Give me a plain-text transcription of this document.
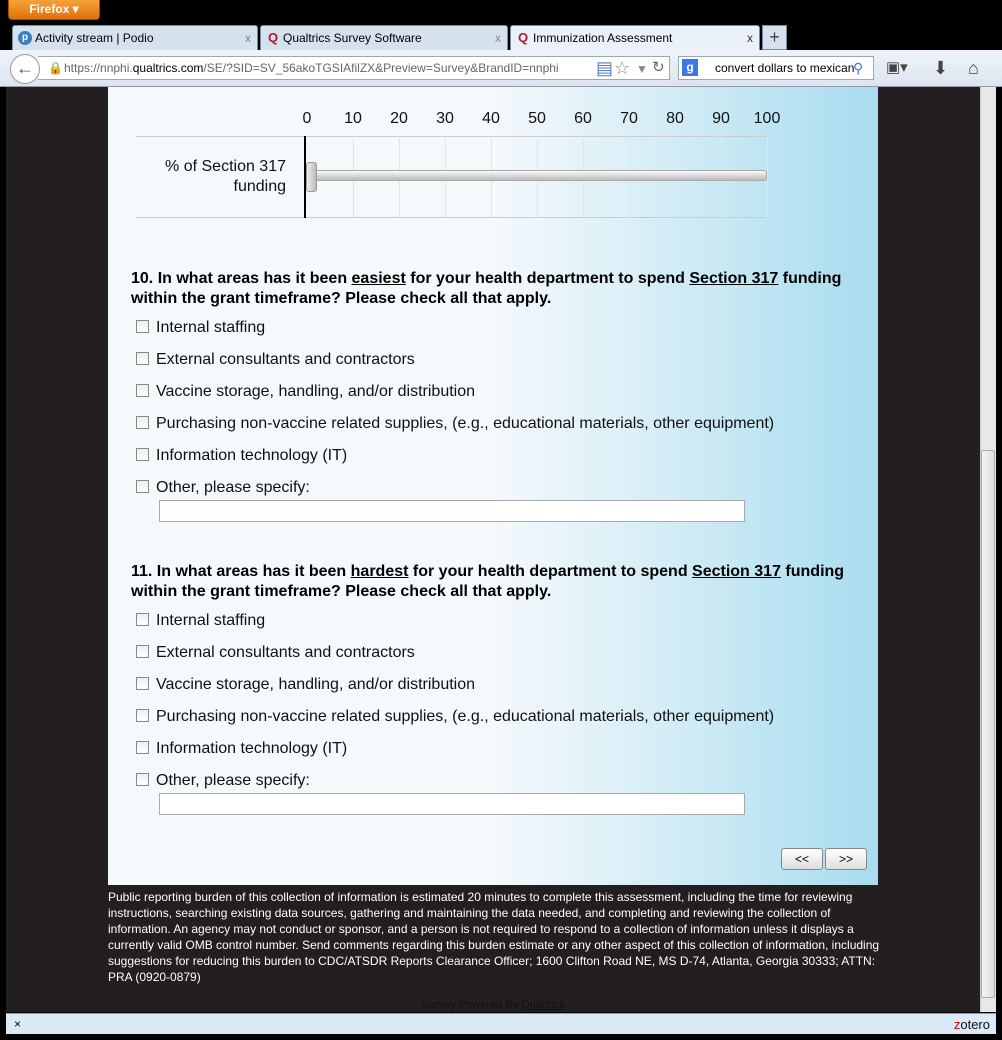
Firefox ▾
p Activity stream | Podio	x Q Qualtrics Survey Software	x Q Immunization Assessment	x +
🔒 https://nnphi.qualtrics.com/SE/?SID=SV_56akoTGSIAfilZX&Preview=Survey&BrandID=nnphi
←	▤ ☆ ▼ ↻	convert dollars to mexican
⚲ ▣▾ ⬇ ⌂
g
0	10	20	30	40	50	60	70	80	90	100
% of Section 317 funding
10. In what areas has it been easiest for your health department to spend Section 317 funding within the grant timeframe? Please check all that apply.
Internal staffing
External consultants and contractors
Vaccine storage, handling, and/or distribution
Purchasing non-vaccine related supplies, (e.g., educational materials, other equipment)
Information technology (IT)
Other, please specify:
11. In what areas has it been hardest for your health department to spend Section 317 funding within the grant timeframe? Please check all that apply.
Internal staffing
External consultants and contractors
Vaccine storage, handling, and/or distribution
Purchasing non-vaccine related supplies, (e.g., educational materials, other equipment)
Information technology (IT)
Other, please specify:
<<	>>
Public reporting burden of this collection of information is estimated 20 minutes to complete this assessment, including the time for reviewing instructions, searching existing data sources, gathering and maintaining the data needed, and completing and reviewing the collection of information. An agency may not conduct or sponsor, and a person is not required to respond to a collection of information unless it displays a currently valid OMB control number. Send comments regarding this burden estimate or any other aspect of this collection of information, including suggestions for reducing this burden to CDC/ATSDR Reports Clearance Officer; 1600 Clifton Road NE, MS D-74, Atlanta, Georgia 30333; ATTN: PRA (0920-0879)
Survey Powered By Qualtrics
×	zotero
